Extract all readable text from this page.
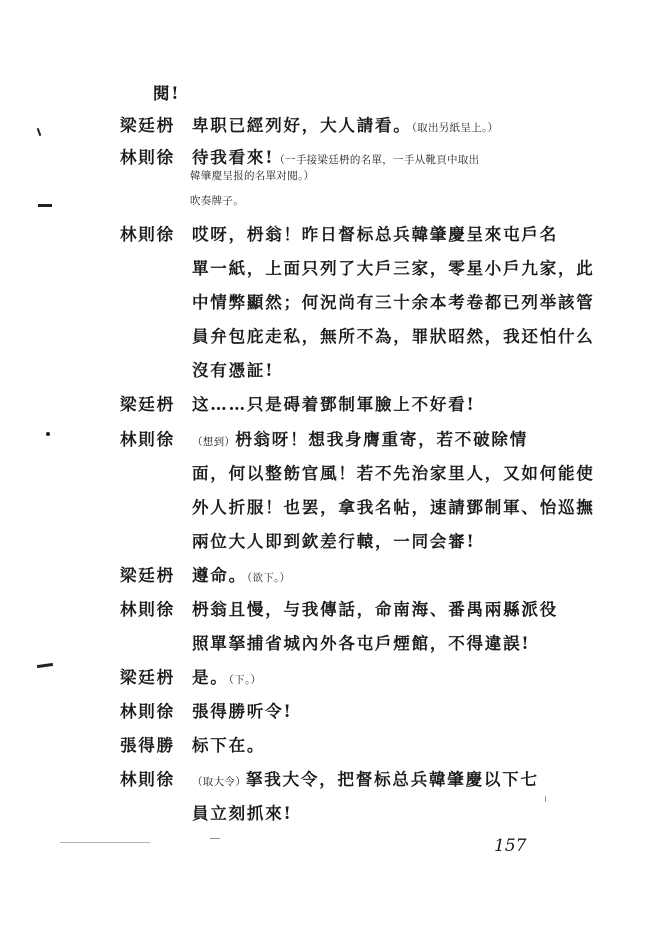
閱!
梁廷枬 卑职已經列好，大人請看。（取出另紙呈上。）
林則徐 待我看來!（一手接梁廷枬的名單，一手从靴頁中取出
韓肇慶呈报的名單对閱。）
吹奏牌子。
林則徐 哎呀，枬翁！昨日督标总兵韓肇慶呈來屯戶名
單一紙，上面只列了大戶三家，零星小戶九家，此
中情弊顯然；何況尚有三十余本考卷都已列举該管
員弁包庇走私，無所不為，罪狀昭然，我还怕什么
沒有憑証!
梁廷枬 这……只是碍着鄧制軍臉上不好看!
林則徐 （想到）枬翁呀！想我身膺重寄，若不破除情
面，何以整飭官風！若不先治家里人，又如何能使
外人折服！也罢，拿我名帖，速請鄧制軍、怡巡撫
兩位大人即到欽差行轅，一同会審!
梁廷枬 遵命。（欲下。）
林則徐 枬翁且慢，与我傳話，命南海、番禺兩縣派役
照單拏捕省城內外各屯戶煙館，不得違誤!
梁廷枬 是。（下。）
林則徐 張得勝听令!
張得勝 标下在。
林則徐 （取大令）拏我大令，把督标总兵韓肇慶以下七
員立刻抓來!
157
